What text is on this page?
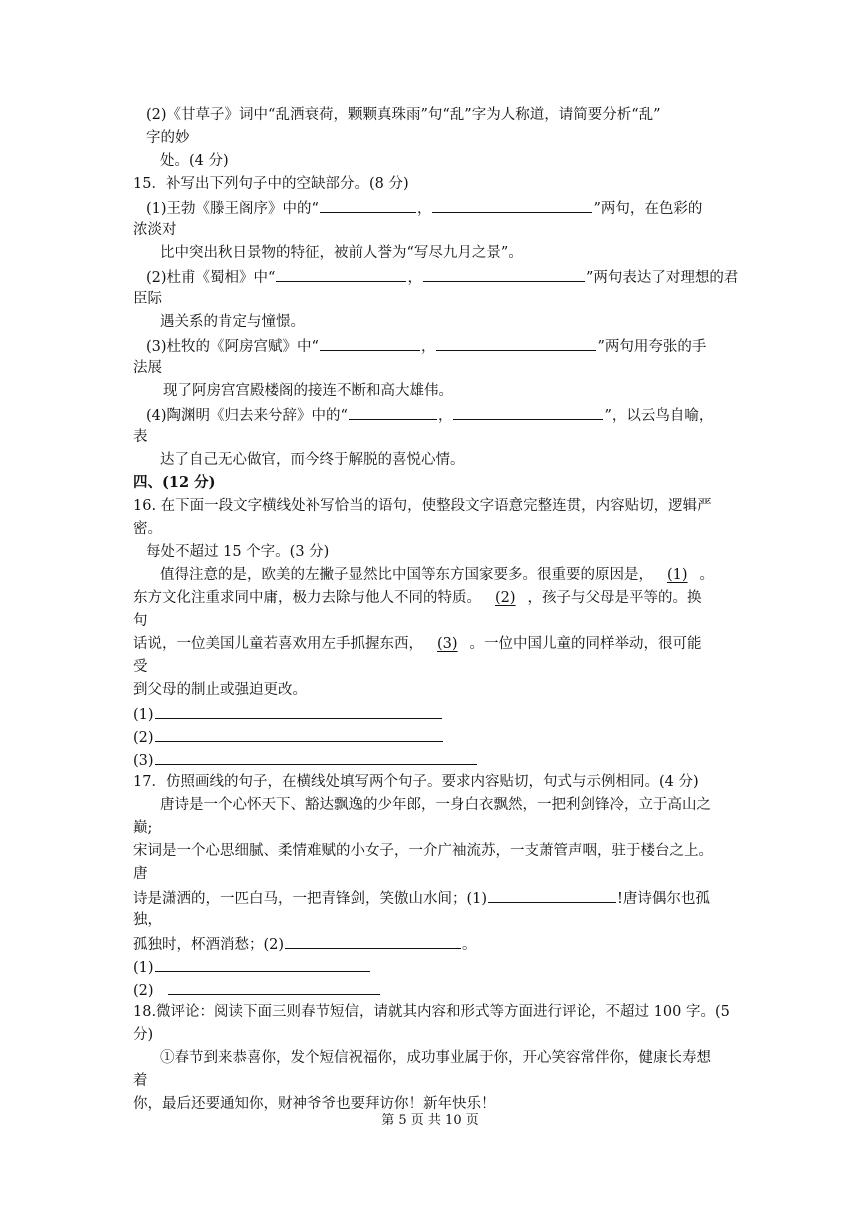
(2)《甘草子》词中“乱洒衰荷，颗颗真珠雨”句“乱”字为人称道，请简要分析“乱”
字的妙
处。(4 分)
15．补写出下列句子中的空缺部分。(8 分)
(1)王勃《滕王阁序》中的“	，	”两句，在色彩的
浓淡对
比中突出秋日景物的特征，被前人誉为“写尽九月之景”。
(2)杜甫《蜀相》中“	，	”两句表达了对理想的君
臣际
遇关系的肯定与憧憬。
(3)杜牧的《阿房宫赋》中“	，	”两句用夸张的手
法展
现了阿房宫宫殿楼阁的接连不断和高大雄伟。
(4)陶渊明《归去来兮辞》中的“	，	”，以云鸟自喻，
表
达了自己无心做官，而今终于解脱的喜悦心情。
四、(12 分)
16. 在下面一段文字横线处补写恰当的语句，使整段文字语意完整连贯，内容贴切，逻辑严
密。
每处不超过 15 个字。(3 分)
值得注意的是，欧美的左撇子显然比中国等东方国家要多。很重要的原因是， (1) 。
东方文化注重求同中庸，极力去除与他人不同的特质。 (2) ，孩子与父母是平等的。换
句
话说，一位美国儿童若喜欢用左手抓握东西， (3) 。一位中国儿童的同样举动，很可能
受
到父母的制止或强迫更改。
(1)
(2)
(3)
17．仿照画线的句子，在横线处填写两个句子。要求内容贴切，句式与示例相同。(4 分)
唐诗是一个心怀天下、豁达飘逸的少年郎，一身白衣飘然，一把利剑锋冷，立于高山之
巅;
宋词是一个心思细腻、柔情难赋的小女子，一介广袖流苏，一支萧管声咽，驻于楼台之上。
唐
诗是潇洒的，一匹白马，一把青锋剑，笑傲山水间；(1)	!唐诗偶尔也孤
独，
孤独时，杯酒消愁；(2)	。
(1)
(2)
18.微评论：阅读下面三则春节短信，请就其内容和形式等方面进行评论，不超过 100 字。(5
分)
①春节到来恭喜你，发个短信祝福你，成功事业属于你，开心笑容常伴你，健康长寿想
着
你，最后还要通知你，财神爷爷也要拜访你！新年快乐！
第 5 页 共 10 页
